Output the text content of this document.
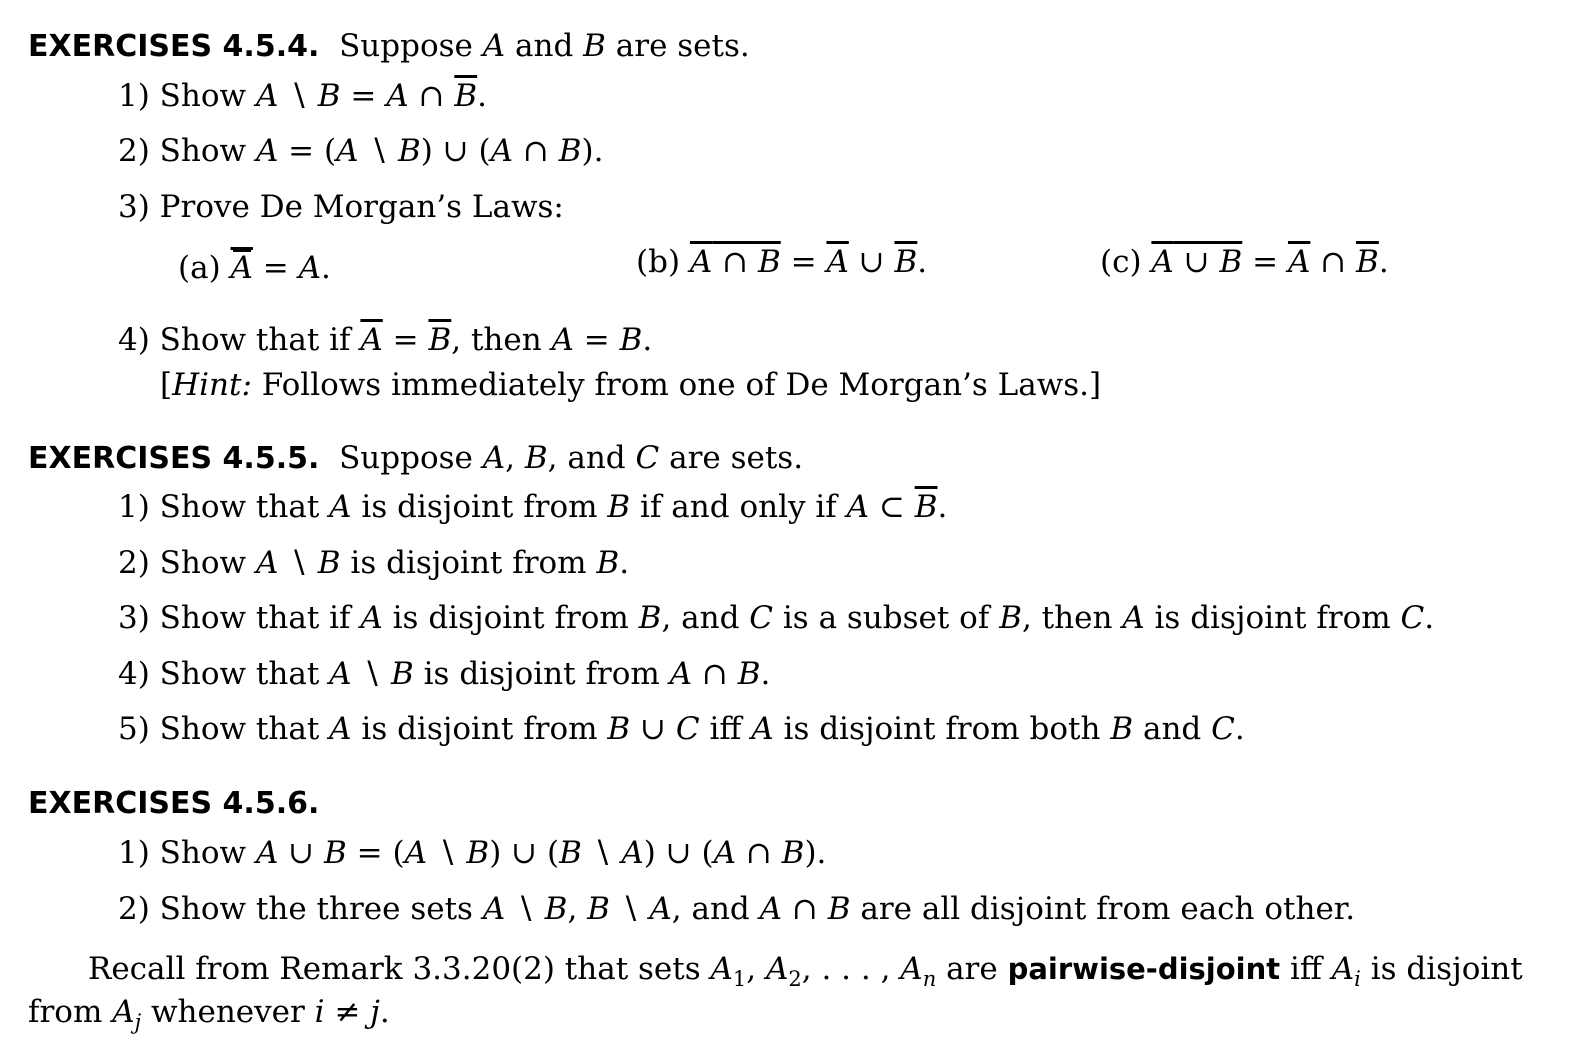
EXERCISES 4.5.4.  Suppose A and B are sets.
1) Show A ∖ B = A ∩ $\overline{B}$.
2) Show A = (A ∖ B) ∪ (A ∩ B).
3) Prove De Morgan’s Laws:
(a) $\overline{A}$
= A.	(b) A ∩ $B = \overline{A}$ ∪ $\overline{B}$.	(c) A ∪ $B = \overline{A}$ ∩ $\overline{B}$.
4) Show that if $\overline{A} = \overline{B}$, then A = B.
[Hint: Follows immediately from one of De Morgan’s Laws.]
EXERCISES 4.5.5.  Suppose A, B, and C are sets.
1) Show that A is disjoint from B if and only if A ⊂ $\overline{B}$.
2) Show A ∖ B is disjoint from B.
3) Show that if A is disjoint from B, and C is a subset of B, then A is disjoint from C.
4) Show that A ∖ B is disjoint from A ∩ B.
5) Show that A is disjoint from B ∪ C iff A is disjoint from both B and C.
EXERCISES 4.5.6.
1) Show A ∪ B = (A ∖ B) ∪ (B ∖ A) ∪ (A ∩ B).
2) Show the three sets A ∖ B, B ∖ A, and A ∩ B are all disjoint from each other.
Recall from Remark 3.3.20(2) that sets $A_1$, $A_2$, . . . , $A_n$ are pairwise-disjoint iff $A_i$ is disjoint
from $A_j$ whenever i ≠ j.
